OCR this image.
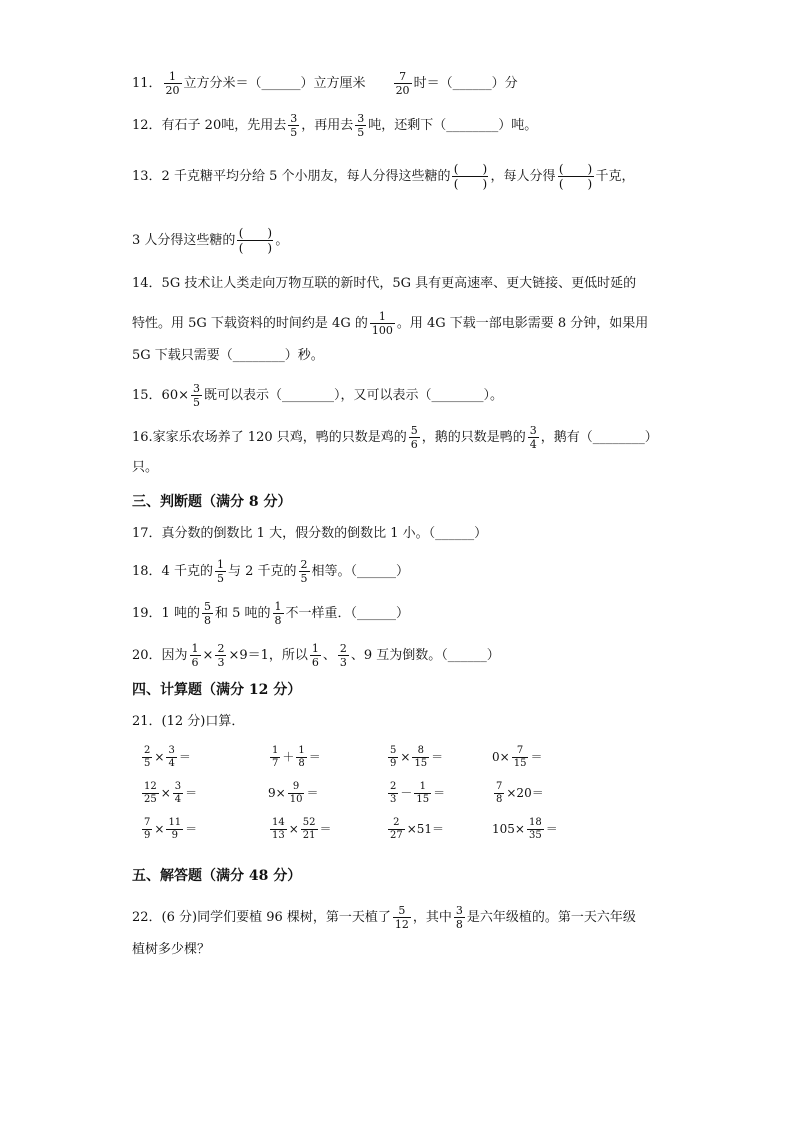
11． $\frac{1}{20}$ 立方分米＝（______）立方厘米	$\frac{7}{20}$ 时＝（______）分
12．有石子 20吨，先用去 $\frac{3}{5}$ ，再用去 $\frac{3}{5}$ 吨，还剩下（________）吨。
13．2 千克糖平均分给 5 个小朋友，每人分得这些糖的 $\frac{( )}{( )}$ ，每人分得 $\frac{( )}{( )}$ 千克，
3 人分得这些糖的 $\frac{( )}{( )}$ 。
14．5G 技术让人类走向万物互联的新时代，5G 具有更高速率、更大链接、更低时延的
特性。用 5G 下载资料的时间约是 4G 的 $\frac{1}{100}$ 。用 4G 下载一部电影需要 8 分钟，如果用
5G 下载只需要（________）秒。
15．$60\times \frac{3}{5}$ 既可以表示（________），又可以表示（________）。
16.家家乐农场养了 120 只鸡，鸭的只数是鸡的 $\frac{5}{6}$ ，鹅的只数是鸭的 $\frac{3}{4}$ ，鹅有（________）
只。
三、判断题（满分 8 分）
17．真分数的倒数比 1 大，假分数的倒数比 1 小。（______）
18．4 千克的 $\frac{1}{5}$ 与 2 千克的 $\frac{2}{5}$ 相等。（______）
19．1 吨的 $\frac{5}{8}$ 和 5 吨的 $\frac{1}{8}$ 不一样重．（______）
20．因为 $\frac{1}{6} \times \frac{2}{3} \times 9=1$，所以 $\frac{1}{6}$ 、 $\frac{2}{3}$ 、9 互为倒数。（______）
四、计算题（满分 12 分）
21．(12 分)口算．
$\frac{2}{5} \times \frac{3}{4}$ ＝	$\frac{1}{7} + \frac{1}{8}$ ＝	$\frac{5}{9} \times \frac{8}{15}$ ＝	$0\times \frac{7}{15}$ ＝
$\frac{12}{25} \times \frac{3}{4}$ ＝	$9\times \frac{9}{10}$ ＝	$\frac{2}{3} - \frac{1}{15}$ ＝	$\frac{7}{8} \times 20=$
$\frac{7}{9} \times \frac{11}{9}$ ＝	$\frac{14}{13} \times \frac{52}{21}$ ＝	$\frac{2}{27} \times 51=$	$105\times \frac{18}{35}$ ＝
五、解答题（满分 48 分）
22．(6 分)同学们要植 96 棵树，第一天植了 $\frac{5}{12}$ ，其中 $\frac{3}{8}$ 是六年级植的。第一天六年级
植树多少棵？
